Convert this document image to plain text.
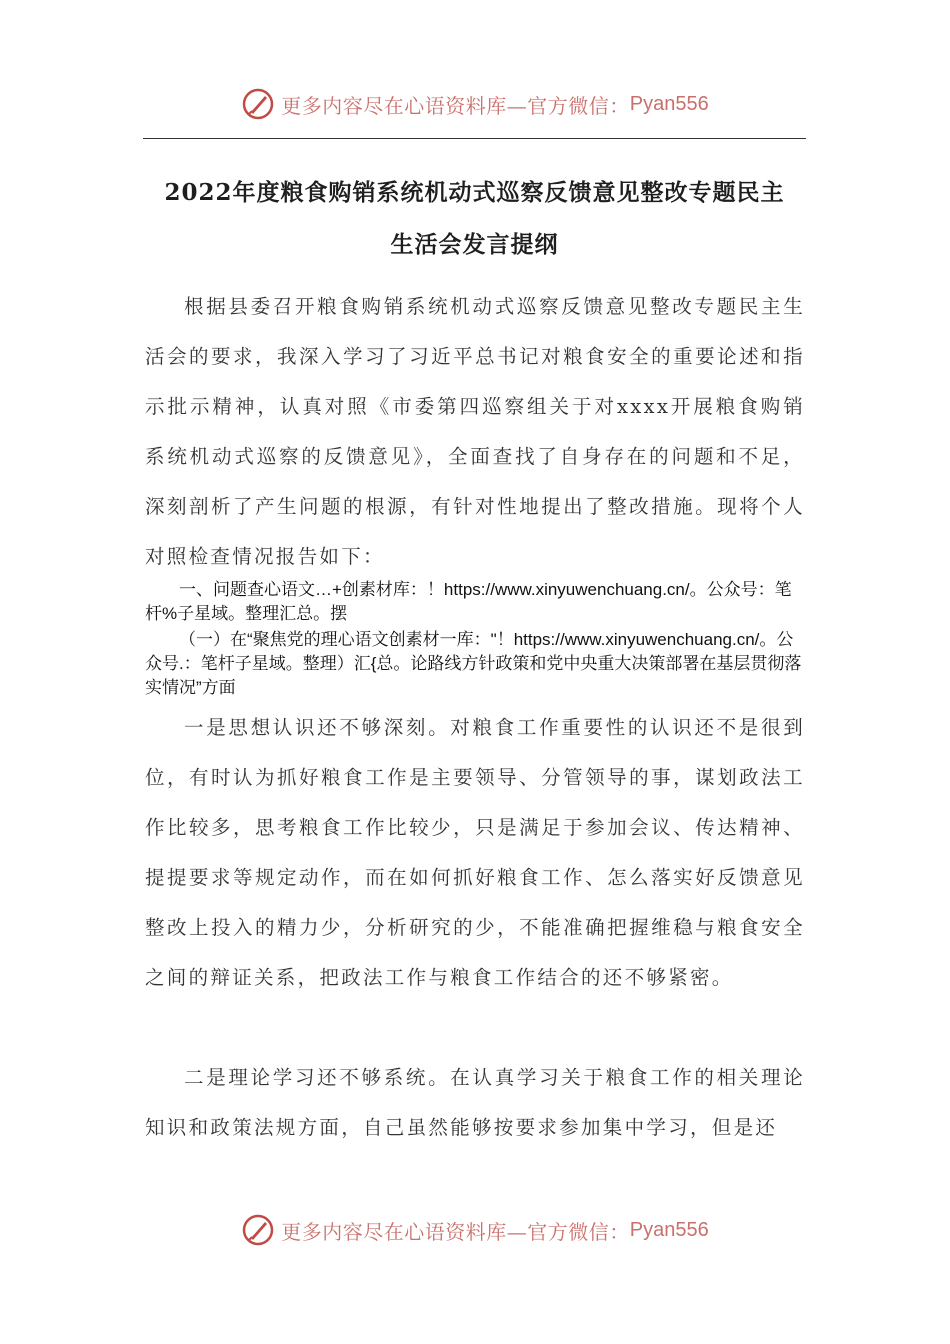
更多内容尽在心语资料库—官方微信： Pyan556
2022年度粮食购销系统机动式巡察反馈意见整改专题民主
生活会发言提纲
根据县委召开粮食购销系统机动式巡察反馈意见整改专题民主生活会的要求，我深入学习了习近平总书记对粮食安全的重要论述和指示批示精神，认真对照《市委第四巡察组关于对xxxx开展粮食购销系统机动式巡察的反馈意见》，全面查找了自身存在的问题和不足，深刻剖析了产生问题的根源，有针对性地提出了整改措施。现将个人对照检查情况报告如下：
一、问题查心语文…+创素材库：！https://www.xinyuwenchuang.cn/。公众号：笔杆%子星域。整理汇总。摆
（一）在“聚焦党的理心语文创素材一库："！https://www.xinyuwenchuang.cn/。公众号.：笔杆子星域。整理）汇{总。论路线方针政策和党中央重大决策部署在基层贯彻落实情况”方面
一是思想认识还不够深刻。对粮食工作重要性的认识还不是很到位，有时认为抓好粮食工作是主要领导、分管领导的事，谋划政法工作比较多，思考粮食工作比较少，只是满足于参加会议、传达精神、提提要求等规定动作，而在如何抓好粮食工作、怎么落实好反馈意见整改上投入的精力少，分析研究的少，不能准确把握维稳与粮食安全之间的辩证关系，把政法工作与粮食工作结合的还不够紧密。
二是理论学习还不够系统。在认真学习关于粮食工作的相关理论知识和政策法规方面，自己虽然能够按要求参加集中学习，但是还
更多内容尽在心语资料库—官方微信： Pyan556
